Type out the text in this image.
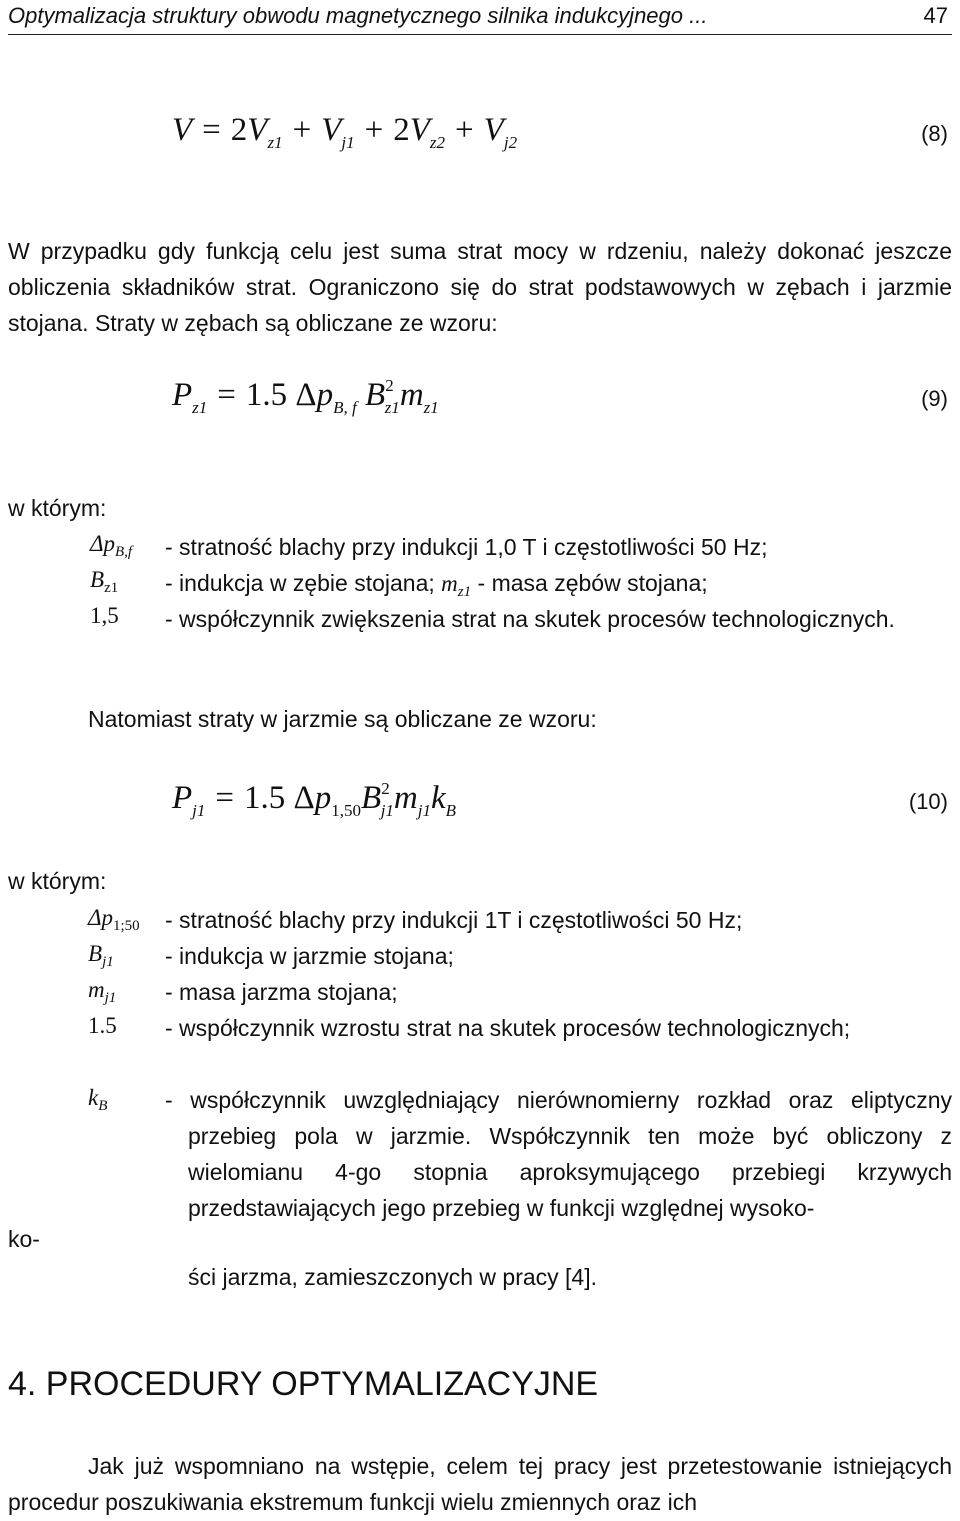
Optymalizacja struktury obwodu magnetycznego silnika indukcyjnego ...	47
$V = 2V_{z1} + V_{j1} + 2V_{z2} + V_{j2}$	(8)
W przypadku gdy funkcją celu jest suma strat mocy w rdzeniu, należy dokonać jeszcze obliczenia składników strat. Ograniczono się do strat podstawowych w zębach i jarzmie stojana. Straty w zębach są obliczane ze wzoru:
$P_{z1} = 1.5$ $\Delta p_{B, f}$ $B^2_{z1}m_{z1}$	(9)
w którym:
$\Delta p_{B,f}$ - stratność blachy przy indukcji 1,0 T i częstotliwości 50 Hz;
$B_{z1}$ - indukcja w zębie stojana; $m_{z1}$ - masa zębów stojana;
1,5 - współczynnik zwiększenia strat na skutek procesów technologicznych.
Natomiast straty w jarzmie są obliczane ze wzoru:
$P_{j1} = 1.5$ $\Delta p_{1,50}B^2_{j1}m_{j1}k_B$	(10)
w którym:
$\Delta p_{1;50}$ - stratność blachy przy indukcji 1T i częstotliwości 50 Hz;
$B_{j1}$ - indukcja w jarzmie stojana;
$m_{j1}$ - masa jarzma stojana;
1.5 - współczynnik wzrostu strat na skutek procesów technologicznych;
$k_B$	- współczynnik uwzględniający nierównomierny rozkład oraz eliptyczny przebieg pola w jarzmie. Współczynnik ten może być obliczony z wielomianu 4-go stopnia aproksymującego przebiegi krzywych przedstawiających jego przebieg w funkcji względnej wysoko-
ko-
ści jarzma, zamieszczonych w pracy [4].
4. PROCEDURY OPTYMALIZACYJNE
Jak już wspomniano na wstępie, celem tej pracy jest przetestowanie istniejących procedur poszukiwania ekstremum funkcji wielu zmiennych oraz ich
